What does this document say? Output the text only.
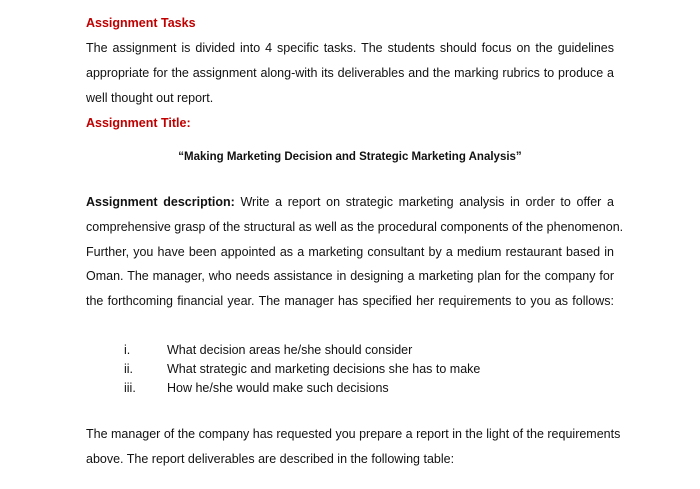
Assignment Tasks
The assignment is divided into 4 specific tasks. The students should focus on the guidelines
appropriate for the assignment along-with its deliverables and the marking rubrics to produce a
well thought out report.
Assignment Title:
“Making Marketing Decision and Strategic Marketing Analysis”
Assignment description: Write a report on strategic marketing analysis in order to offer a
comprehensive grasp of the structural as well as the procedural components of the phenomenon.
Further, you have been appointed as a marketing consultant by a medium restaurant based in
Oman. The manager, who needs assistance in designing a marketing plan for the company for
the forthcoming financial year. The manager has specified her requirements to you as follows:
i.	What decision areas he/she should consider
ii.	What strategic and marketing decisions she has to make
iii. How he/she would make such decisions
The manager of the company has requested you prepare a report in the light of the requirements
above. The report deliverables are described in the following table:
